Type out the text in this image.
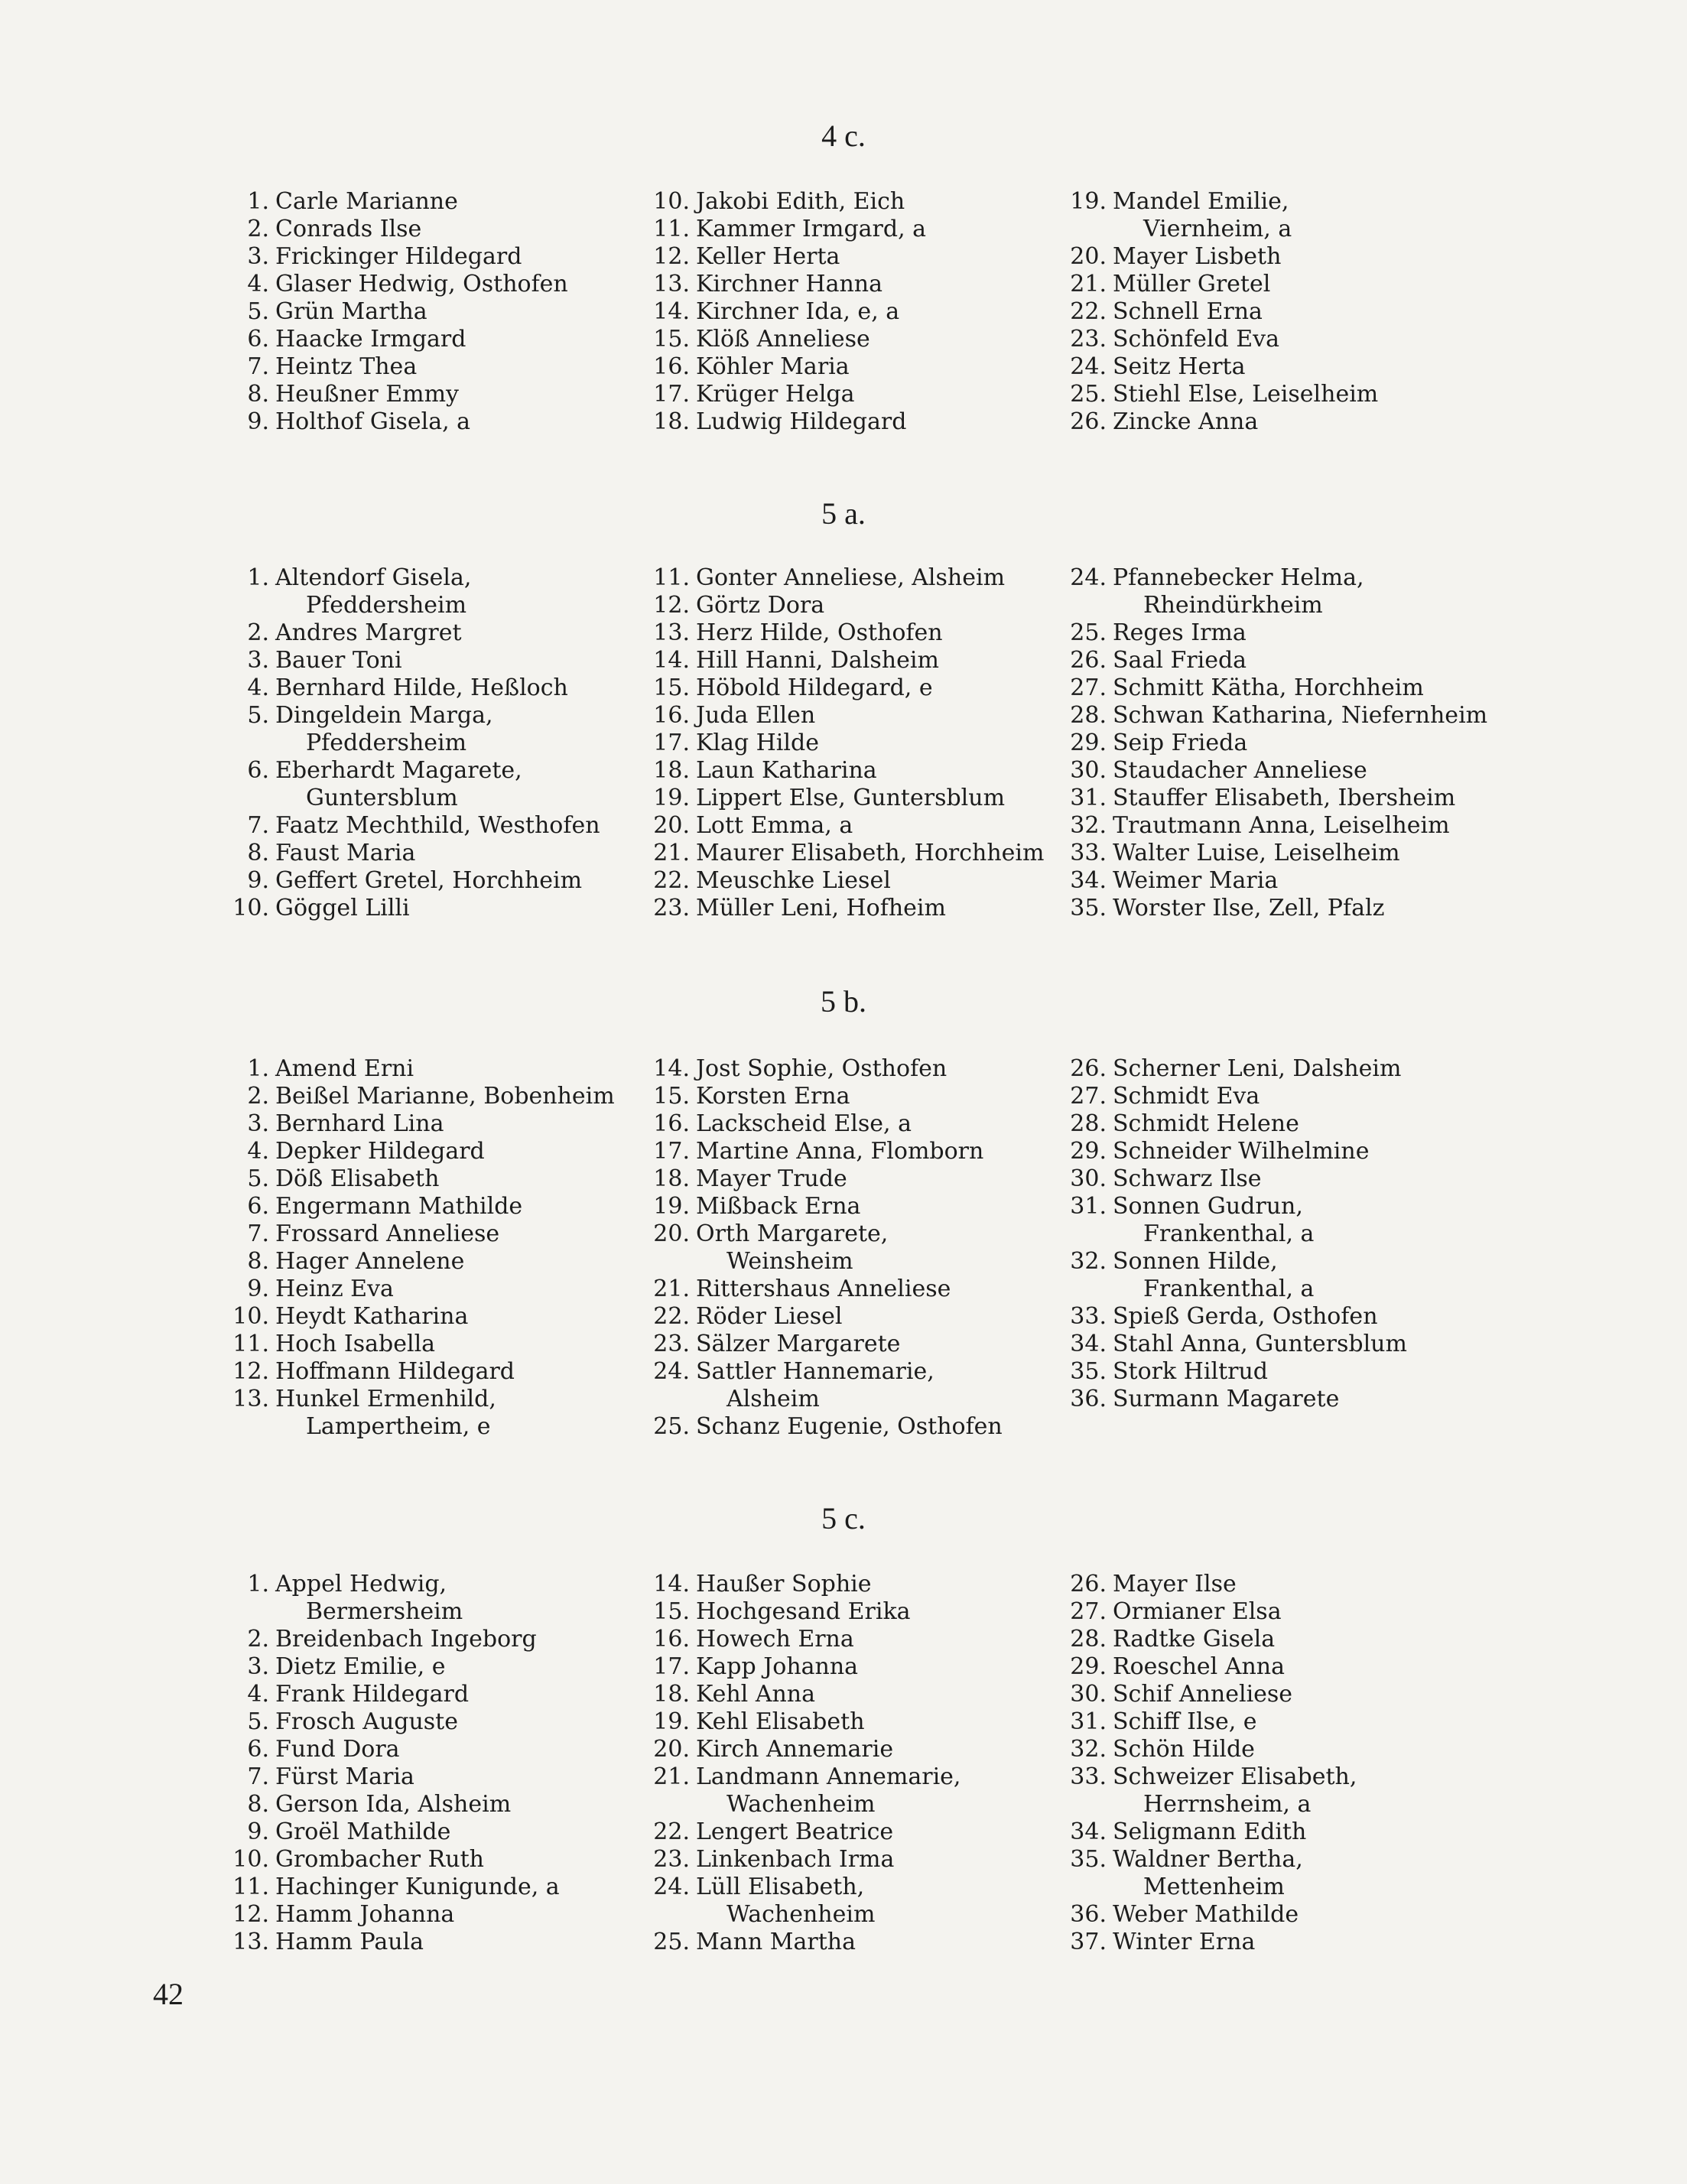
4 c.
1. Carle Marianne
2. Conrads Ilse
3. Frickinger Hildegard
4. Glaser Hedwig, Osthofen
5. Grün Martha
6. Haacke Irmgard
7. Heintz Thea
8. Heußner Emmy
9. Holthof Gisela, a
10. Jakobi Edith, Eich
11. Kammer Irmgard, a
12. Keller Herta
13. Kirchner Hanna
14. Kirchner Ida, e, a
15. Klöß Anneliese
16. Köhler Maria
17. Krüger Helga
18. Ludwig Hildegard
19. Mandel Emilie,
Viernheim, a
20. Mayer Lisbeth
21. Müller Gretel
22. Schnell Erna
23. Schönfeld Eva
24. Seitz Herta
25. Stiehl Else, Leiselheim
26. Zincke Anna
5 a.
1. Altendorf Gisela,
Pfeddersheim
2. Andres Margret
3. Bauer Toni
4. Bernhard Hilde, Heßloch
5. Dingeldein Marga,
Pfeddersheim
6. Eberhardt Magarete,
Guntersblum
7. Faatz Mechthild, Westhofen
8. Faust Maria
9. Geffert Gretel, Horchheim
10. Göggel Lilli
11. Gonter Anneliese, Alsheim
12. Görtz Dora
13. Herz Hilde, Osthofen
14. Hill Hanni, Dalsheim
15. Höbold Hildegard, e
16. Juda Ellen
17. Klag Hilde
18. Laun Katharina
19. Lippert Else, Guntersblum
20. Lott Emma, a
21. Maurer Elisabeth, Horchheim
22. Meuschke Liesel
23. Müller Leni, Hofheim
24. Pfannebecker Helma,
Rheindürkheim
25. Reges Irma
26. Saal Frieda
27. Schmitt Kätha, Horchheim
28. Schwan Katharina, Niefernheim
29. Seip Frieda
30. Staudacher Anneliese
31. Stauffer Elisabeth, Ibersheim
32. Trautmann Anna, Leiselheim
33. Walter Luise, Leiselheim
34. Weimer Maria
35. Worster Ilse, Zell, Pfalz
5 b.
1. Amend Erni
2. Beißel Marianne, Bobenheim
3. Bernhard Lina
4. Depker Hildegard
5. Döß Elisabeth
6. Engermann Mathilde
7. Frossard Anneliese
8. Hager Annelene
9. Heinz Eva
10. Heydt Katharina
11. Hoch Isabella
12. Hoffmann Hildegard
13. Hunkel Ermenhild,
Lampertheim, e
14. Jost Sophie, Osthofen
15. Korsten Erna
16. Lackscheid Else, a
17. Martine Anna, Flomborn
18. Mayer Trude
19. Mißback Erna
20. Orth Margarete,
Weinsheim
21. Rittershaus Anneliese
22. Röder Liesel
23. Sälzer Margarete
24. Sattler Hannemarie,
Alsheim
25. Schanz Eugenie, Osthofen
26. Scherner Leni, Dalsheim
27. Schmidt Eva
28. Schmidt Helene
29. Schneider Wilhelmine
30. Schwarz Ilse
31. Sonnen Gudrun,
Frankenthal, a
32. Sonnen Hilde,
Frankenthal, a
33. Spieß Gerda, Osthofen
34. Stahl Anna, Guntersblum
35. Stork Hiltrud
36. Surmann Magarete
5 c.
1. Appel Hedwig,
Bermersheim
2. Breidenbach Ingeborg
3. Dietz Emilie, e
4. Frank Hildegard
5. Frosch Auguste
6. Fund Dora
7. Fürst Maria
8. Gerson Ida, Alsheim
9. Groël Mathilde
10. Grombacher Ruth
11. Hachinger Kunigunde, a
12. Hamm Johanna
13. Hamm Paula
14. Haußer Sophie
15. Hochgesand Erika
16. Howech Erna
17. Kapp Johanna
18. Kehl Anna
19. Kehl Elisabeth
20. Kirch Annemarie
21. Landmann Annemarie,
Wachenheim
22. Lengert Beatrice
23. Linkenbach Irma
24. Lüll Elisabeth,
Wachenheim
25. Mann Martha
26. Mayer Ilse
27. Ormianer Elsa
28. Radtke Gisela
29. Roeschel Anna
30. Schif Anneliese
31. Schiff Ilse, e
32. Schön Hilde
33. Schweizer Elisabeth,
Herrnsheim, a
34. Seligmann Edith
35. Waldner Bertha,
Mettenheim
36. Weber Mathilde
37. Winter Erna
42
